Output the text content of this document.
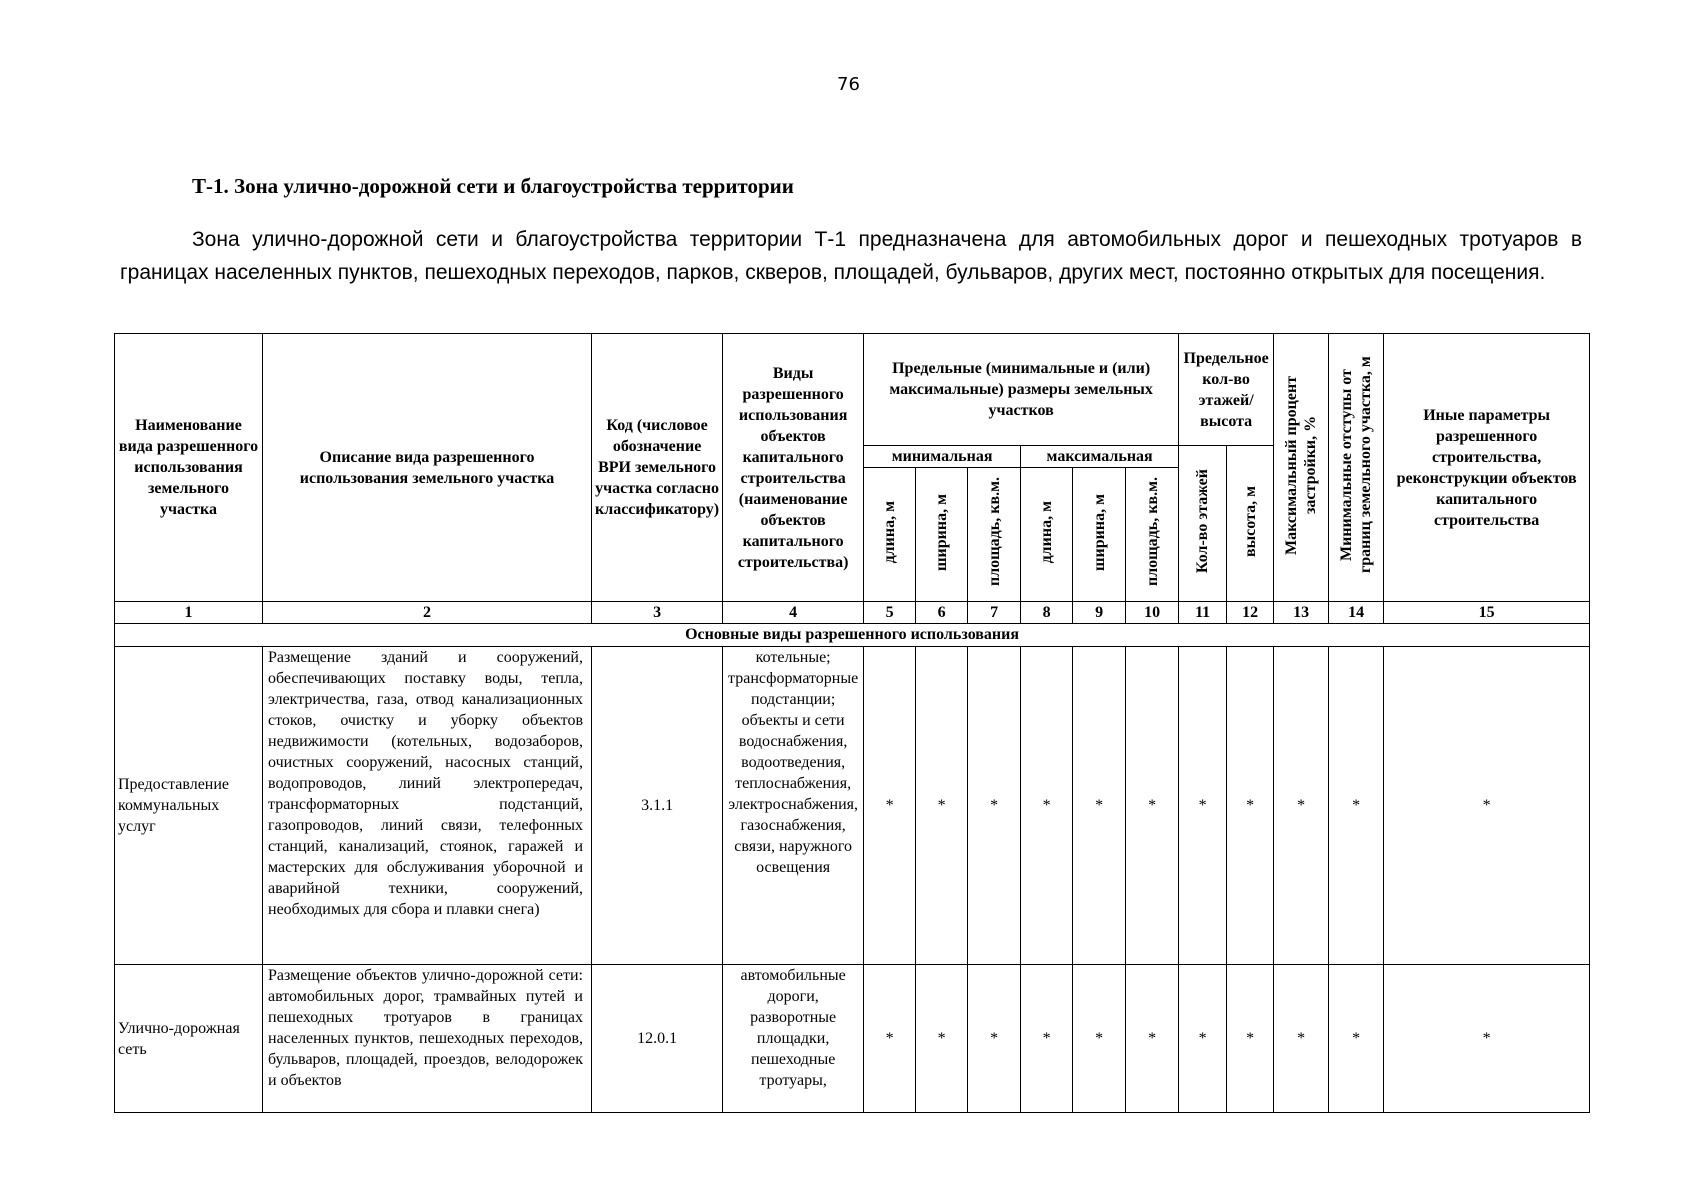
76
Т-1. Зона улично-дорожной сети и благоустройства территории
Зона улично-дорожной сети и благоустройства территории Т-1 предназначена для автомобильных дорог и пешеходных тротуаров в границах населенных пунктов, пешеходных переходов, парков, скверов, площадей, бульваров, других мест, постоянно открытых для посещения.
Наименование вида разрешенного использования земельного участка	Описание вида разрешенного использования земельного участка	Код (числовое обозначение ВРИ земельного участка согласно классификатору)	Виды разрешенного использования объектов капитального строительства (наименование объектов капитального строительства)	Предельные (минимальные и (или) максимальные) размеры земельных участков						Предельное кол-во этажей/ высота		Максимальный процент застройки, %	Минимальные отступы от границ земельного участка, м	Иные параметры разрешенного строительства, реконструкции объектов капитального строительства
				минимальная			максимальная			Кол-во этажей	высота, м			
				длина, м	ширина, м	площадь, кв.м.	длина, м	ширина, м	площадь, кв.м.					
1	2	3	4	5	6	7	8	9	10	11	12	13	14	15
Основные виды разрешенного использования														
Предоставление коммунальных услуг	Размещение зданий и сооружений, обеспечивающих поставку воды, тепла, электричества, газа, отвод канализационных стоков, очистку и уборку объектов недвижимости (котельных, водозаборов, очистных сооружений, насосных станций, водопроводов, линий электропередач, трансформаторных подстанций, газопроводов, линий связи, телефонных станций, канализаций, стоянок, гаражей и мастерских для обслуживания уборочной и аварийной техники, сооружений, необходимых для сбора и плавки снега)	3.1.1	котельные; трансформаторные подстанции; объекты и сети водоснабжения, водоотведения, теплоснабжения, электроснабжения, газоснабжения, связи, наружного освещения	*	*	*	*	*	*	*	*	*	*	*
Улично-дорожная сеть	Размещение объектов улично-дорожной сети: автомобильных дорог, трамвайных путей и пешеходных тротуаров в границах населенных пунктов, пешеходных переходов, бульваров, площадей, проездов, велодорожек и объектов	12.0.1	автомобильные дороги, разворотные площадки, пешеходные тротуары,	*	*	*	*	*	*	*	*	*	*	*
